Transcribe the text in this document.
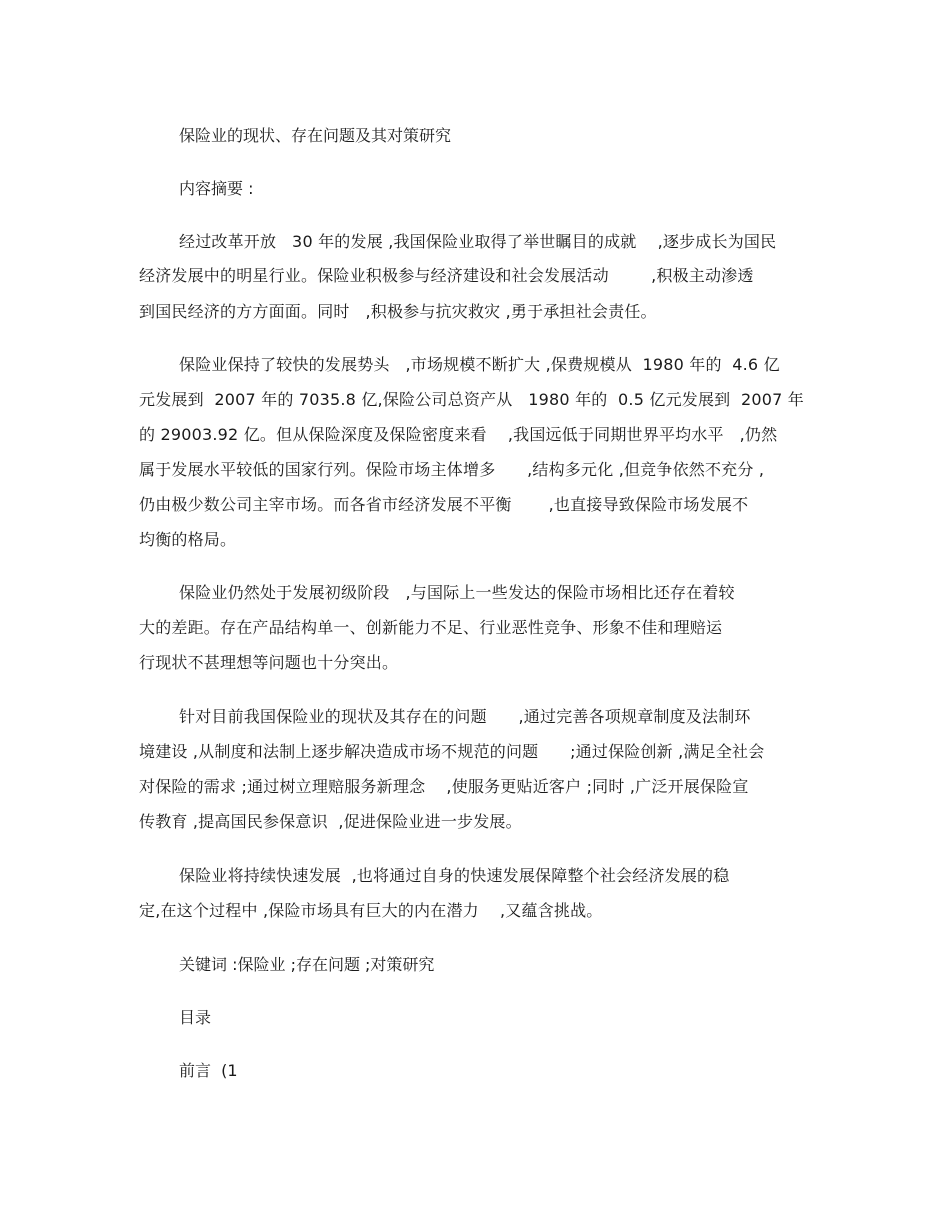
保险业的现状、存在问题及其对策研究
内容摘要 :
经过改革开放   30 年的发展 ,我国保险业取得了举世瞩目的成就    ,逐步成长为国民
经济发展中的明星行业。保险业积极参与经济建设和社会发展活动        ,积极主动渗透
到国民经济的方方面面。同时   ,积极参与抗灾救灾 ,勇于承担社会责任。
保险业保持了较快的发展势头   ,市场规模不断扩大 ,保费规模从  1980 年的  4.6 亿
元发展到  2007 年的 7035.8 亿,保险公司总资产从   1980 年的  0.5 亿元发展到  2007 年
的 29003.92 亿。但从保险深度及保险密度来看    ,我国远低于同期世界平均水平   ,仍然
属于发展水平较低的国家行列。保险市场主体增多      ,结构多元化 ,但竞争依然不充分 ,
仍由极少数公司主宰市场。而各省市经济发展不平衡       ,也直接导致保险市场发展不
均衡的格局。
保险业仍然处于发展初级阶段   ,与国际上一些发达的保险市场相比还存在着较
大的差距。存在产品结构单一、创新能力不足、行业恶性竞争、形象不佳和理赔运
行现状不甚理想等问题也十分突出。
针对目前我国保险业的现状及其存在的问题      ,通过完善各项规章制度及法制环
境建设 ,从制度和法制上逐步解决造成市场不规范的问题      ;通过保险创新 ,满足全社会
对保险的需求 ;通过树立理赔服务新理念    ,使服务更贴近客户 ;同时 ,广泛开展保险宣
传教育 ,提高国民参保意识  ,促进保险业进一步发展。
保险业将持续快速发展  ,也将通过自身的快速发展保障整个社会经济发展的稳
定,在这个过程中 ,保险市场具有巨大的内在潜力    ,又蕴含挑战。
关键词 :保险业 ;存在问题 ;对策研究
目录
前言  (1
